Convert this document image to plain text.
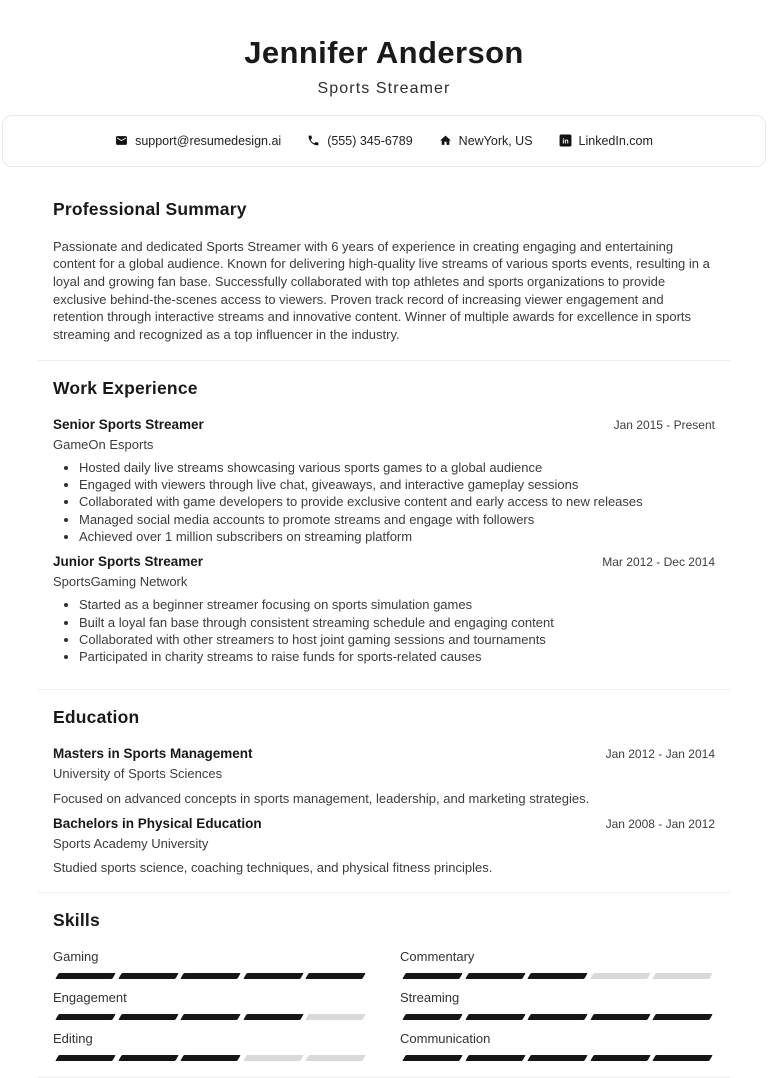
Jennifer Anderson
Sports Streamer
support@resumedesign.ai	(555) 345-6789	NewYork, US in LinkedIn.com
Professional Summary

Passionate and dedicated Sports Streamer with 6 years of experience in creating engaging and entertaining content for a global audience. Known for delivering high-quality live streams of various sports events, resulting in a loyal and growing fan base. Successfully collaborated with top athletes and sports organizations to provide exclusive behind-the-scenes access to viewers. Proven track record of increasing viewer engagement and retention through interactive streams and innovative content. Winner of multiple awards for excellence in sports streaming and recognized as a top influencer in the industry.

Work Experience
Senior Sports Streamer	Jan 2015 - Present
GameOn Esports
• Hosted daily live streams showcasing various sports games to a global audience
• Engaged with viewers through live chat, giveaways, and interactive gameplay sessions
• Collaborated with game developers to provide exclusive content and early access to new releases
• Managed social media accounts to promote streams and engage with followers
• Achieved over 1 million subscribers on streaming platform
Junior Sports Streamer	Mar 2012 - Dec 2014
SportsGaming Network
• Started as a beginner streamer focusing on sports simulation games
• Built a loyal fan base through consistent streaming schedule and engaging content
• Collaborated with other streamers to host joint gaming sessions and tournaments
• Participated in charity streams to raise funds for sports-related causes
Education
Masters in Sports Management	Jan 2012 - Jan 2014
University of Sports Sciences

Focused on advanced concepts in sports management, leadership, and marketing strategies.

Bachelors in Physical Education	Jan 2008 - Jan 2012
Sports Academy University

Studied sports science, coaching techniques, and physical fitness principles.

Skills
Gaming	Commentary
Engagement	Streaming
Editing	Communication
